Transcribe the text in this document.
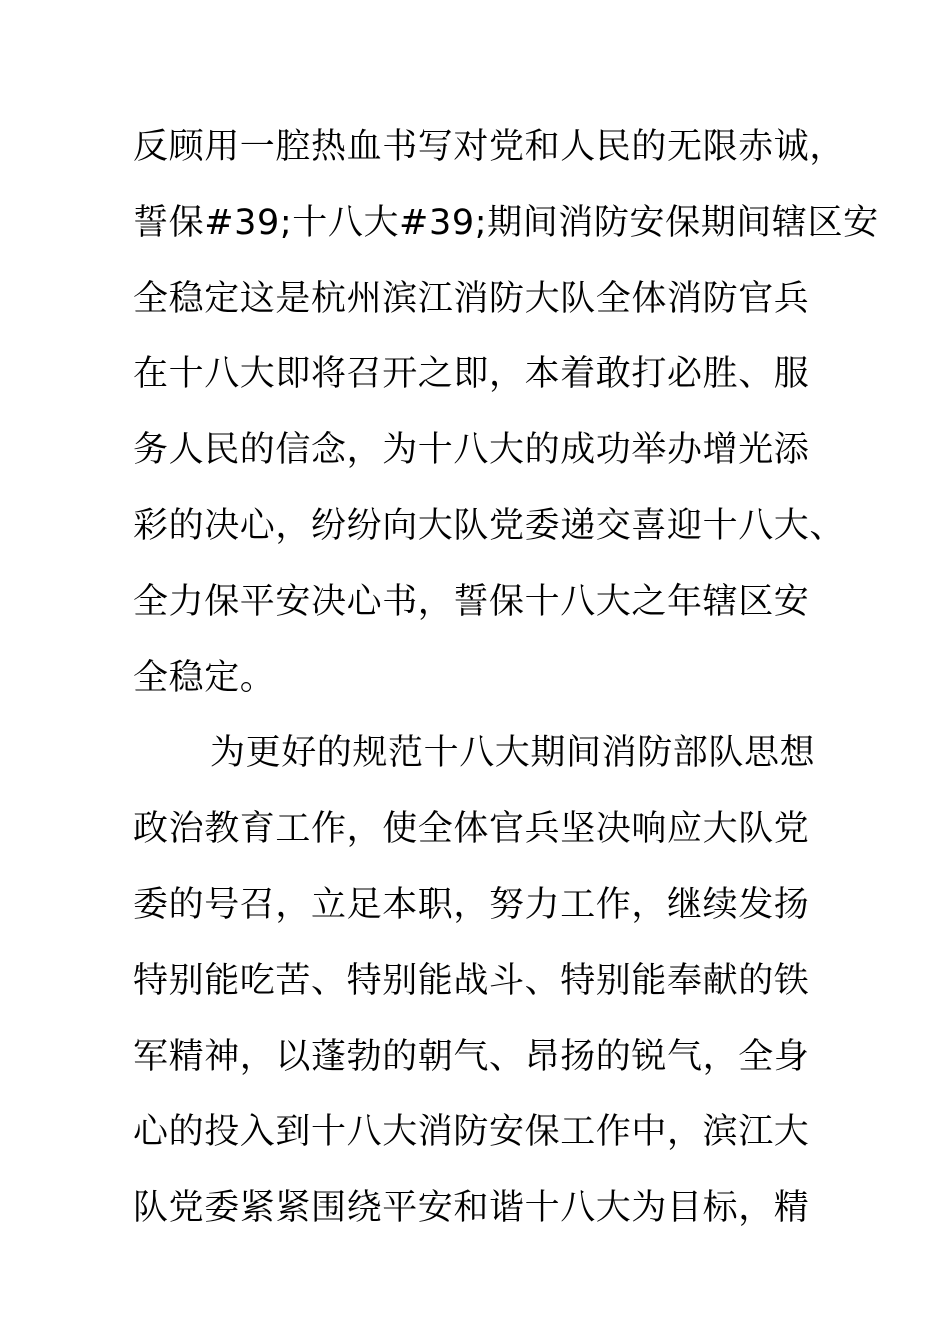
反顾用一腔热血书写对党和人民的无限赤诚，
誓保#39;十八大#39;期间消防安保期间辖区安
全稳定这是杭州滨江消防大队全体消防官兵
在十八大即将召开之即，本着敢打必胜、服
务人民的信念，为十八大的成功举办增光添
彩的决心，纷纷向大队党委递交喜迎十八大、
全力保平安决心书，誓保十八大之年辖区安
全稳定。
为更好的规范十八大期间消防部队思想
政治教育工作，使全体官兵坚决响应大队党
委的号召，立足本职，努力工作，继续发扬
特别能吃苦、特别能战斗、特别能奉献的铁
军精神，以蓬勃的朝气、昂扬的锐气，全身
心的投入到十八大消防安保工作中，滨江大
队党委紧紧围绕平安和谐十八大为目标，精
